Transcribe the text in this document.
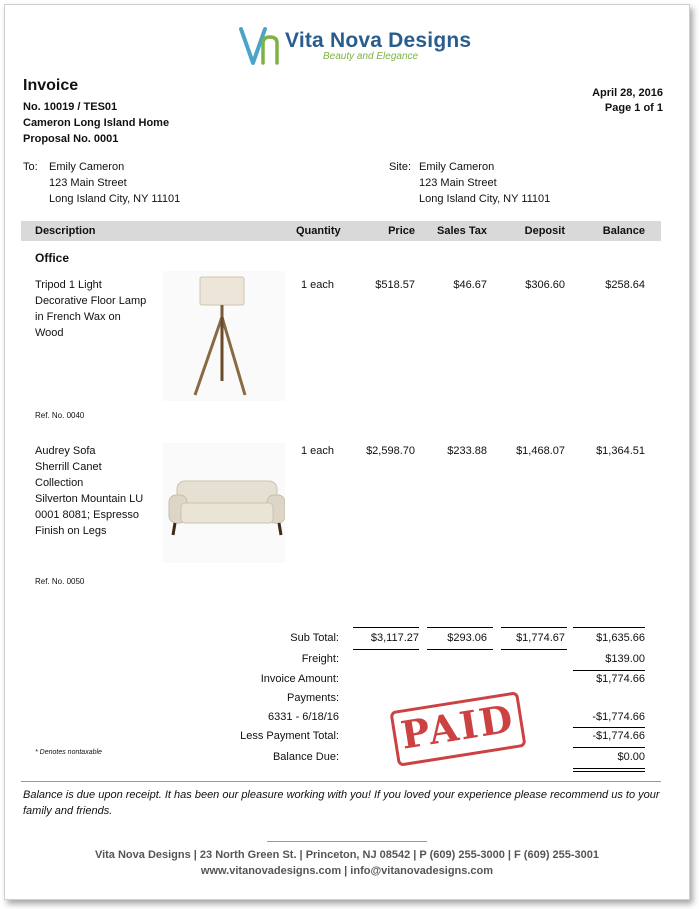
Vita Nova Designs
Beauty and Elegance
Invoice
No. 10019 / TES01
Cameron Long Island Home
Proposal No. 0001
April 28, 2016
Page 1 of 1
To: Emily Cameron
123 Main Street
Long Island City, NY 11101
Site: Emily Cameron
123 Main Street
Long Island City, NY 11101
Description	Quantity	Price	Sales Tax	Deposit	Balance
Office
Tripod 1 Light
Decorative Floor Lamp
in French Wax on
Wood
1 each	$518.57	$46.67	$306.60	$258.64
Ref. No. 0040
Audrey Sofa
Sherrill Canet
Collection
Silverton Mountain LU
0001 8081; Espresso
Finish on Legs
1 each	$2,598.70	$233.88	$1,468.07	$1,364.51
Ref. No. 0050
Sub Total:	$3,117.27	$293.06	$1,774.67	$1,635.66
Freight:	$139.00
Invoice Amount:	$1,774.66
Payments:
6331 - 6/18/16	-$1,774.66
Less Payment Total:	-$1,774.66
Balance Due:	$0.00
* Denotes nontaxable	PAID
Balance is due upon receipt. It has been our pleasure working with you! If you loved your experience please recommend us to your family and friends.
Vita Nova Designs | 23 North Green St. | Princeton, NJ 08542 | P (609) 255-3000 | F (609) 255-3001
www.vitanovadesigns.com | info@vitanovadesigns.com
